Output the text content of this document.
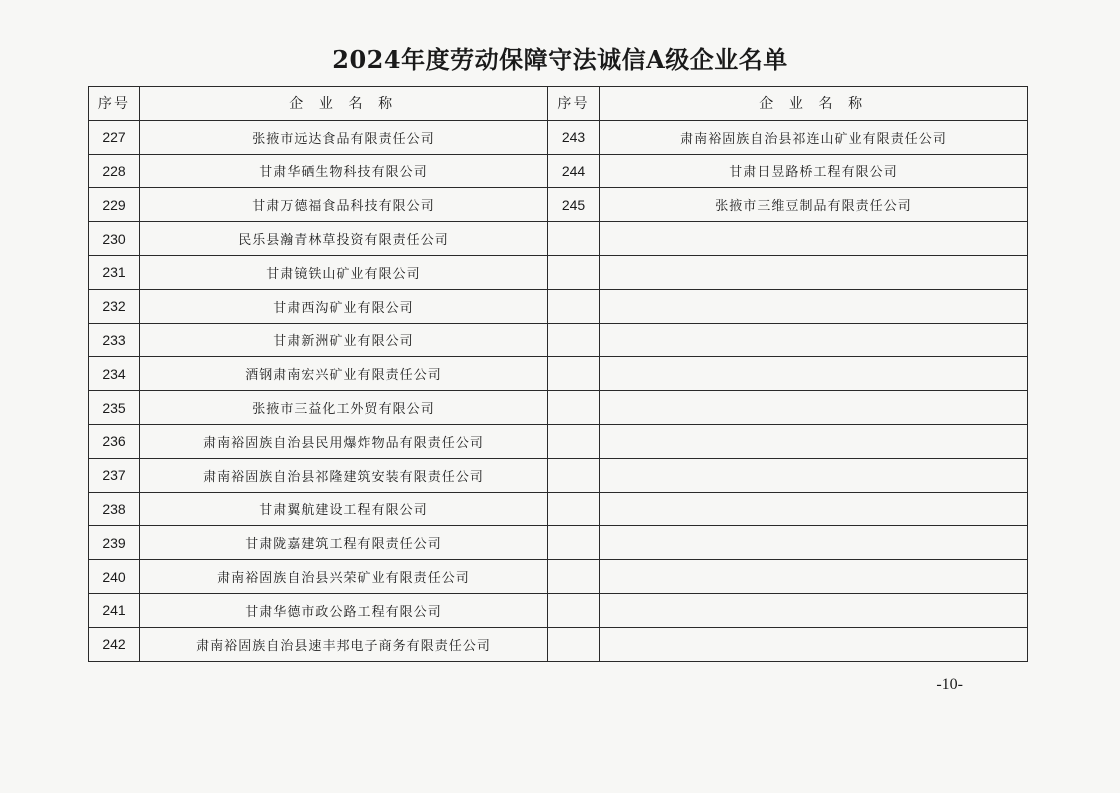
2024年度劳动保障守法诚信A级企业名单
序号	企 业 名 称	序号	企 业 名 称
227	张掖市远达食品有限责任公司	243	肃南裕固族自治县祁连山矿业有限责任公司
228	甘肃华硒生物科技有限公司	244	甘肃日昱路桥工程有限公司
229	甘肃万德福食品科技有限公司	245	张掖市三维豆制品有限责任公司
230	民乐县瀚青林草投资有限责任公司		
231	甘肃镜铁山矿业有限公司		
232	甘肃西沟矿业有限公司		
233	甘肃新洲矿业有限公司		
234	酒钢肃南宏兴矿业有限责任公司		
235	张掖市三益化工外贸有限公司		
236	肃南裕固族自治县民用爆炸物品有限责任公司		
237	肃南裕固族自治县祁隆建筑安装有限责任公司		
238	甘肃翼航建设工程有限公司		
239	甘肃陇嘉建筑工程有限责任公司		
240	肃南裕固族自治县兴荣矿业有限责任公司		
241	甘肃华德市政公路工程有限公司		
242	肃南裕固族自治县速丰邦电子商务有限责任公司		
-10-
